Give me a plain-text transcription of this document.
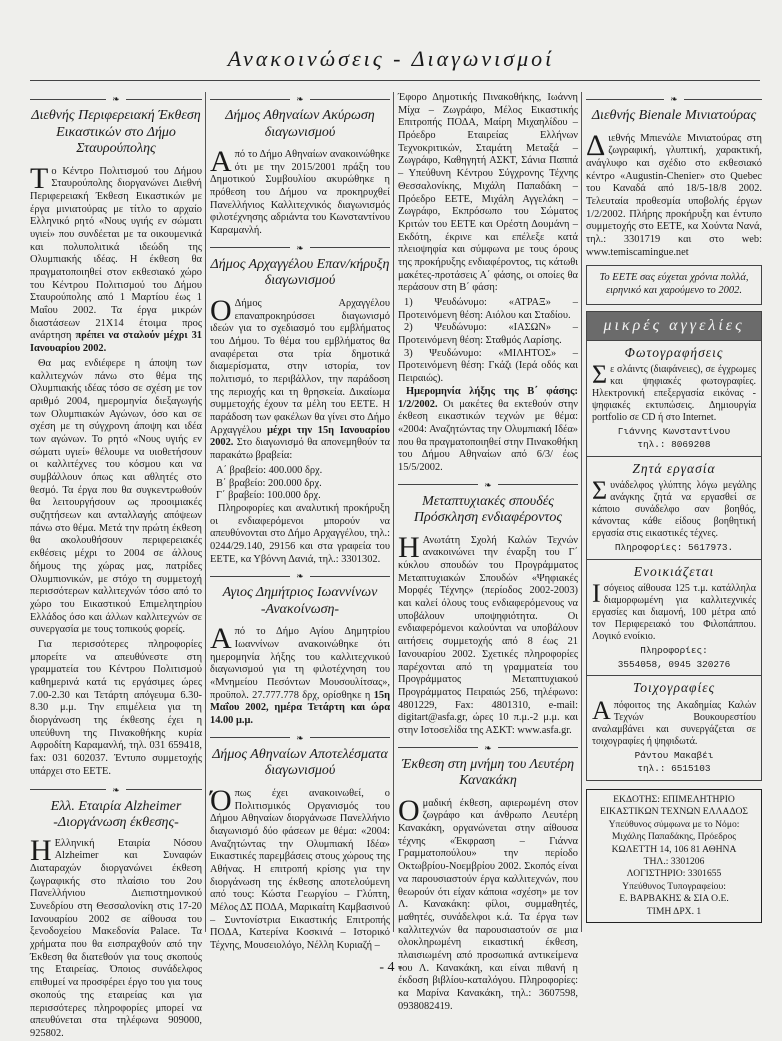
Ανακοινώσεις - Διαγωνισμοί
❧
Διεθνής Περιφερειακή Έκθεση Εικαστικών στο Δήμο Σταυρούπολης

Το Κέντρο Πολιτισμού του Δήμου Σταυρούπολης διοργανώνει Διεθνή Περιφερειακή Έκθεση Εικαστικών με έργα μινιατούρας με τίτλο το αρχαίο Ελληνικό ρητό «Νους υγιής εν σώματι υγιεί» που συνδέεται με τα οικουμενικά και πολυπολιτικά ιδεώδη της Ολυμπιακής ιδέας. Η έκθεση θα πραγματοποιηθεί στον εκθεσιακό χώρο του Κέντρου Πολιτισμού του Δήμου Σταυρούπολης από 1 Μαρτίου έως 1 Μαΐου 2002. Τα έργα μικρών διαστάσεων 21Χ14 έτοιμα προς ανάρτηση πρέπει να σταλούν μέχρι 31 Ιανουαρίου 2002.

Θα μας ενδιέφερε η άποψη των καλλιτεχνών πάνω στο θέμα της Ολυμπιακής ιδέας τόσο σε σχέση με τον αριθμό 2004, ημερομηνία διεξαγωγής των Ολυμπιακών Αγώνων, όσο και σε σχέση με τη σύγχρονη άποψη και ιδέα των αγώνων. Το ρητό «Νους υγιής εν σώματι υγιεί» θέλουμε να υιοθετήσουν οι καλλιτέχνες του κόσμου και να συμβάλλουν όπως και αθλητές στο θεσμό. Τα έργα που θα συγκεντρωθούν θα λειτουργήσουν ως προοιμιακές συζητήσεων και ανταλλαγής απόψεων πάνω στο θέμα. Μετά την πρώτη έκθεση θα ακολουθήσουν περιφερειακές εκθέσεις μέχρι το 2004 σε άλλους δήμους της χώρας μας, πατρίδες Ολυμπιονικών, με στόχο τη συμμετοχή περισσότερων καλλιτεχνών τόσο από το χώρο του Εικαστικού Επιμελητηρίου Ελλάδος όσο και άλλων καλλιτεχνών σε συνεργασία με τους τοπικούς φορείς.

Για περισσότερες πληροφορίες μπορείτε να απευθύνεστε στη γραμματεία του Κέντρου Πολιτισμού καθημερινά κατά τις εργάσιμες ώρες 7.00-2.30 και Τετάρτη απόγευμα 6.30-8.30 μ.μ. Την επιμέλεια για τη διοργάνωση της έκθεσης έχει η υπεύθυνη της Πινακοθήκης κυρία Αφροδίτη Καραμανλή, τηλ. 031 659418, fax: 031 602037. Έντυπο συμμετοχής υπάρχει στο ΕΕΤΕ.

❧
Ελλ. Εταιρία Alzheimer
-Διοργάνωση έκθεσης-

Η Ελληνική Εταιρία Νόσου Alzheimer και Συναφών Διαταραχών διοργανώνει έκθεση ζωγραφικής στο πλαίσιο του 2ου Πανελλήνιου Διεπιστημονικού Συνεδρίου στη Θεσσαλονίκη στις 17-20 Ιανουαρίου 2002 σε αίθουσα του ξενοδοχείου Μακεδονία Palace. Τα χρήματα που θα εισπραχθούν από την Έκθεση θα διατεθούν για τους σκοπούς της Εταιρείας. Όποιος συνάδελφος επιθυμεί να προσφέρει έργο του για τους σκοπούς της εταιρείας και για περισσότερες πληροφορίες μπορεί να απευθύνεται στα τηλέφωνα 909000, 925802.

❧
Δήμος Αθηναίων Ακύρωση διαγωνισμού

Από το Δήμο Αθηναίων ανακοινώθηκε ότι με την 2015/2001 πράξη του Δημοτικού Συμβουλίου ακυρώθηκε η πρόθεση του Δήμου να προκηρυχθεί Πανελλήνιος Καλλιτεχνικός διαγωνισμός φιλοτέχνησης αδριάντα του Κωνσταντίνου Καραμανλή.

❧
Δήμος Αρχαγγέλου Επαν/κήρυξη διαγωνισμού

Ο Δήμος Αρχαγγέλου επαναπροκηρύσσει διαγωνισμό ιδεών για το σχεδιασμό του εμβλήματος του Δήμου. Το θέμα του εμβλήματος θα αναφέρεται στα τρία δημοτικά διαμερίσματα, στην ιστορία, τον πολιτισμό, το περιβάλλον, την παράδοση της περιοχής και τη θρησκεία. Δικαίωμα συμμετοχής έχουν τα μέλη του ΕΕΤΕ. Η παράδοση των φακέλων θα γίνει στο Δήμο Αρχαγγέλου μέχρι την 15η Ιανουαρίου 2002. Στο διαγωνισμό θα απονεμηθούν τα παρακάτω βραβεία:

Α΄ βραβείο: 400.000 δρχ.
Β΄ βραβείο: 200.000 δρχ.
Γ΄ βραβείο: 100.000 δρχ.

Πληροφορίες και αναλυτική προκήρυξη οι ενδιαφερόμενοι μπορούν να απευθύνονται στο Δήμο Αρχαγγέλου, τηλ.: 0244/29.140, 29156 και στα γραφεία του ΕΕΤΕ, κα Υβόννη Δανιά, τηλ.: 3301302.

❧
Αγιος Δημήτριος Ιωαννίνων
-Ανακοίνωση-

Από το Δήμο Αγίου Δημητρίου Ιωαννίνων ανακοινώθηκε ότι ημερομηνία λήξης του καλλιτεχνικού διαγωνισμού για τη φιλοτέχνηση του «Μνημείου Πεσόντων Μουσουλίτσας», προϋπολ. 27.777.778 δρχ, ορίσθηκε η 15η Μαΐου 2002, ημέρα Τετάρτη και ώρα 14.00 μ.μ.

❧
Δήμος Αθηναίων Αποτελέσματα διαγωνισμού

Όπως έχει ανακοινωθεί, ο Πολιτισμικός Οργανισμός του Δήμου Αθηναίων διοργάνωσε Πανελλήνιο διαγωνισμό δύο φάσεων με θέμα: «2004: Αναζητώντας την Ολυμπιακή Ιδέα» Εικαστικές παρεμβάσεις στους χώρους της Αθήνας. Η επιτροπή κρίσης για την διοργάνωση της έκθεσης αποτελούμενη από τους: Κώστα Γεωργίου – Γλύπτη, Μέλος ΔΣ ΠΟΔΑ, Μαρικαίτη Καμβασινού – Συντονίστρια Εικαστικής Επιτροπής ΠΟΔΑ, Κατερίνα Κοσκινά – Ιστορικό Τέχνης, Μουσειολόγο, Νέλλη Κυριαζή –

Έφορο Δημοτικής Πινακοθήκης, Ιωάννη Μίχα – Ζωγράφο, Μέλος Εικαστικής Επιτροπής ΠΟΔΑ, Μαίρη Μιχαηλίδου – Πρόεδρο Εταιρείας Ελλήνων Τεχνοκριτικών, Σταμάτη Μεταξά – Ζωγράφο, Καθηγητή ΑΣΚΤ, Σάνια Παππά – Υπεύθυνη Κέντρου Σύγχρονης Τέχνης Θεσσαλονίκης, Μιχάλη Παπαδάκη – Πρόεδρο ΕΕΤΕ, Μιχάλη Αγγελάκη – Ζωγράφο, Εκπρόσωπο του Σώματος Κριτών του ΕΕΤΕ και Ορέστη Δουμάνη – Εκδότη, έκρινε και επέλεξε κατά πλειοψηφία και σύμφωνα με τους όρους της προκήρυξης ενδιαφέροντος, τις κάτωθι μακέτες-προτάσεις Α΄ φάσης, οι οποίες θα περάσουν στη Β΄ φάση:

1) Ψευδώνυμο: «ΑΤΡΑΞ» – Προτεινόμενη θέση: Αιόλου και Σταδίου.
2) Ψευδώνυμο: «ΙΑΣΩΝ» – Προτεινόμενη θέση: Σταθμός Λαρίσης.
3) Ψευδώνυμο: «ΜΙΛΗΤΟΣ» – Προτεινόμενη θέση: Γκάζι (Ιερά οδός και Πειραιώς).

Ημερομηνία λήξης της Β΄ φάσης: 1/2/2002. Οι μακέτες θα εκτεθούν στην έκθεση εικαστικών τεχνών με θέμα: «2004: Αναζητώντας την Ολυμπιακή Ιδέα» που θα πραγματοποιηθεί στην Πινακοθήκη του Δήμου Αθηναίων από 6/3/ έως 15/5/2002.

❧
Μεταπτυχιακές σπουδές Πρόσκληση ενδιαφέροντος

Η Ανωτάτη Σχολή Καλών Τεχνών ανακοινώνει την έναρξη του Γ΄ κύκλου σπουδών του Προγράμματος Μεταπτυχιακών Σπουδών «Ψηφιακές Μορφές Τέχνης» (περίοδος 2002-2003) και καλεί όλους τους ενδιαφερόμενους να υποβάλουν υποψηφιότητα. Οι ενδιαφερόμενοι καλούνται να υποβάλουν αιτήσεις συμμετοχής από 8 έως 21 Ιανουαρίου 2002. Σχετικές πληροφορίες παρέχονται από τη γραμματεία του Προγράμματος Μεταπτυχιακού Προγράμματος Πειραιώς 256, τηλέφωνο: 4801229, Fax: 4801310, e-mail: digitart@asfa.gr, ώρες 10 π.μ.-2 μ.μ. και στην Ιστοσελίδα της ΑΣΚΤ: www.asfa.gr.

❧
Έκθεση στη μνήμη του Λευτέρη Κανακάκη

Ομαδική έκθεση, αφιερωμένη στον ζωγράφο και άνθρωπο Λευτέρη Κανακάκη, οργανώνεται στην αίθουσα τέχνης «Έκφραση – Γιάννα Γραμματοπούλου» την περίοδο Οκτωβρίου-Νοεμβρίου 2002. Σκοπός είναι να παρουσιαστούν έργα καλλιτεχνών, που θεωρούν ότι είχαν κάποια «σχέση» με τον Λ. Κανακάκη: φίλοι, συμμαθητές, μαθητές, συνάδελφοι κ.ά. Τα έργα των καλλιτεχνών θα παρουσιαστούν σε μια ολοκληρωμένη εικαστική έκθεση, πλαισιωμένη από προσωπικά αντικείμενα του Λ. Κανακάκη, και είναι πιθανή η έκδοση βιβλίου-καταλόγου. Πληροφορίες: κα Μαρίνα Κανακάκη, τηλ.: 3607598, 0938082419.

❧
Διεθνής Bienale Μινιατούρας

Διεθνής Μπιενάλε Μινιατούρας στη ζωγραφική, γλυπτική, χαρακτική, ανάγλυφο και σχέδιο στο εκθεσιακό κέντρο «Augustin-Chenier» στο Quebec του Καναδά από 18/5-18/8 2002. Τελευταία προθεσμία υποβολής έργων 1/2/2002. Πλήρης προκήρυξη και έντυπο συμμετοχής στο ΕΕΤΕ, κα Χούντα Νανά, τηλ.: 3301719 και στο web: www.temiscamingue.net

Το ΕΕΤΕ σας εύχεται χρόνια πολλά, ειρηνικό και χαρούμενο το 2002.
μικρές αγγελίες
Φωτογραφήσεις
Σε σλάιντς (διαφάνειες), σε έγχρωμες και ψηφιακές φωτογραφίες. Ηλεκτρονική επεξεργασία εικόνας - ψηφιακές εκτυπώσεις. Δημιουργία portfolio σε CD ή στο Internet.
Γιάννης Κωνσταντίνου
τηλ.: 8069208
Ζητά εργασία
Συνάδελφος γλύπτης λόγω μεγάλης ανάγκης ζητά να εργασθεί σε κάποιο συνάδελφο σαν βοηθός, κάνοντας κάθε είδους βοηθητική εργασία στις εικαστικές τέχνες.
Πληροφορίες: 5617973.
Ενοικιάζεται
Ισόγειος αίθουσα 125 τ.μ. κατάλληλα διαμορφωμένη για καλλιτεχνικές εργασίες και διαμονή, 100 μέτρα από τον Περιφερειακό του Φιλοπάππου. Λογικό ενοίκιο.
Πληροφορίες:
3554058, 0945 320276
Τοιχογραφίες
Απόφοιτος της Ακαδημίας Καλών Τεχνών Βουκουρεστίου αναλαμβάνει και συνεργάζεται σε τοιχογραφίες ή ψηφιδωτά.
Ράντου Μακαβέι
τηλ.: 6515103
ΕΚΔΟΤΗΣ: ΕΠΙΜΕΛΗΤΗΡΙΟ
ΕΙΚΑΣΤΙΚΩΝ ΤΕΧΝΩΝ ΕΛΛΑΔΟΣ
Υπεύθυνος σύμφωνα με το Νόμο:
Μιχάλης Παπαδάκης, Πρόεδρος
ΚΩΛΕΤΤΗ 14, 106 81 ΑΘΗΝΑ
ΤΗΛ.: 3301206
ΛΟΓΙΣΤΗΡΙΟ: 3301655
Υπεύθυνος Τυπογραφείου:
Ε. ΒΑΡΒΑΚΗΣ & ΣΙΑ Ο.Ε.
ΤΙΜΗ ΔΡΧ. 1
- 4 -
